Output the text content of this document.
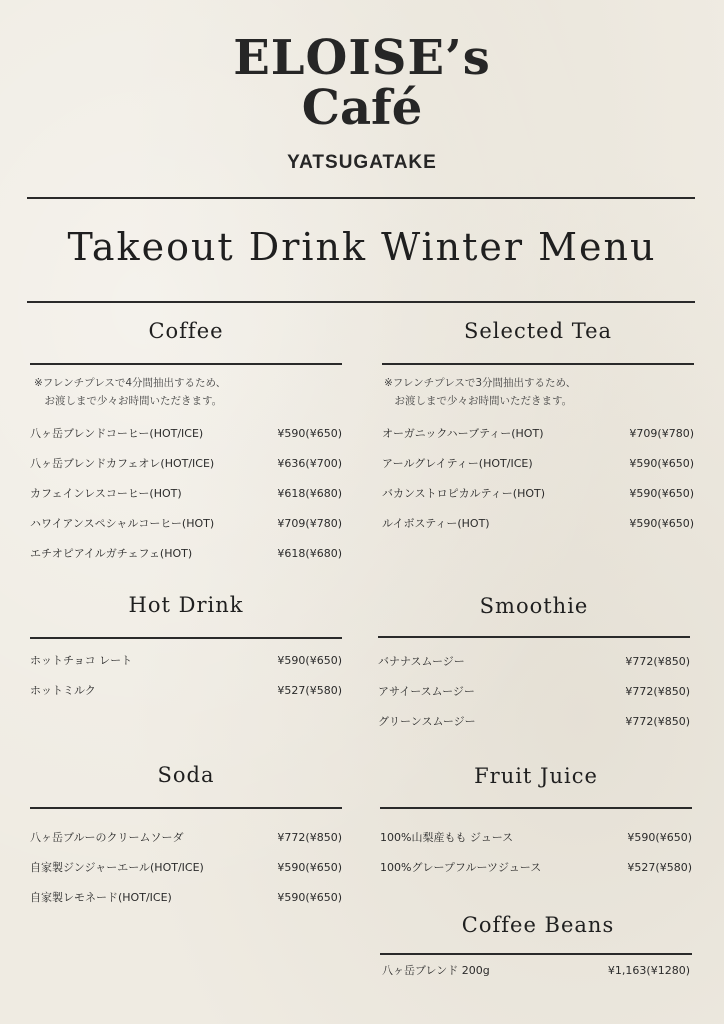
ELOISE’s
Café
YATSUGATAKE
Takeout Drink Winter Menu
Coffee
※フレンチプレスで4分間抽出するため、
　お渡しまで少々お時間いただきます。
八ヶ岳ブレンドコーヒー(HOT/ICE)	¥590(¥650)
八ヶ岳ブレンドカフェオレ(HOT/ICE)	¥636(¥700)
カフェインレスコーヒー(HOT)	¥618(¥680)
ハワイアンスペシャルコーヒー(HOT)	¥709(¥780)
エチオピアイルガチェフェ(HOT)	¥618(¥680)
Selected Tea
※フレンチプレスで3分間抽出するため、
　お渡しまで少々お時間いただきます。
オーガニックハーブティー(HOT)	¥709(¥780)
アールグレイティー(HOT/ICE)	¥590(¥650)
バカンストロピカルティー(HOT)	¥590(¥650)
ルイボスティー(HOT)	¥590(¥650)
Hot Drink
ホットチョコ レート	¥590(¥650)
ホットミルク	¥527(¥580)
Smoothie
バナナスムージー	¥772(¥850)
アサイースムージー	¥772(¥850)
グリーンスムージー	¥772(¥850)
Soda
八ヶ岳ブルーのクリームソーダ	¥772(¥850)
自家製ジンジャーエール(HOT/ICE)	¥590(¥650)
自家製レモネード(HOT/ICE)	¥590(¥650)
Fruit Juice
100%山梨産もも ジュース	¥590(¥650)
100%グレープフルーツジュース	¥527(¥580)
Coffee Beans
八ヶ岳ブレンド 200g	¥1,163(¥1280)
